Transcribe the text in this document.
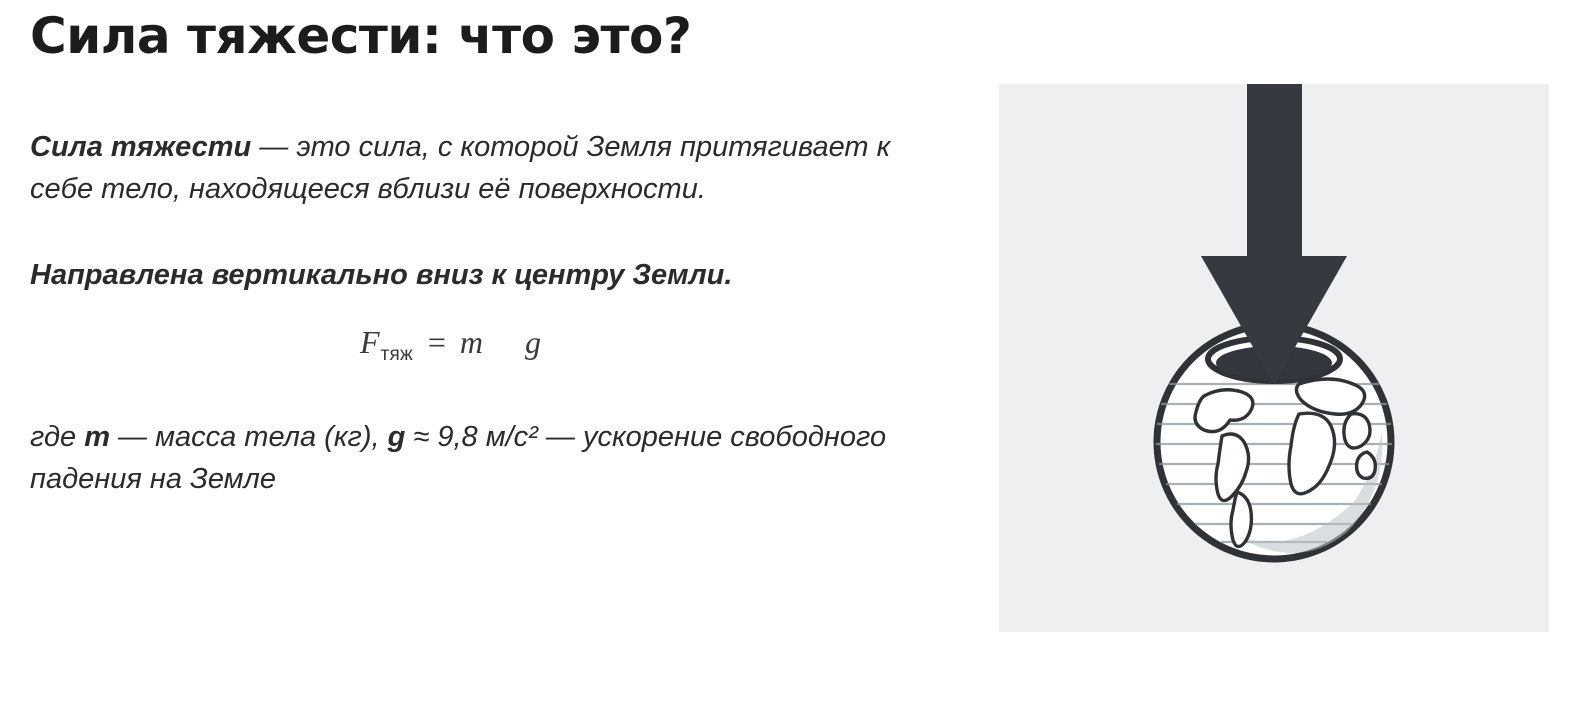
Сила тяжести: что это?

Сила тяжести — это сила, с которой Земля притягивает к себе тело, находящееся вблизи её поверхности.

Направлена вертикально вниз к центру Земли.

F тяж = m g

где m — масса тела (кг), g ≈ 9,8 м/с² — ускорение свободного падения на Земле
